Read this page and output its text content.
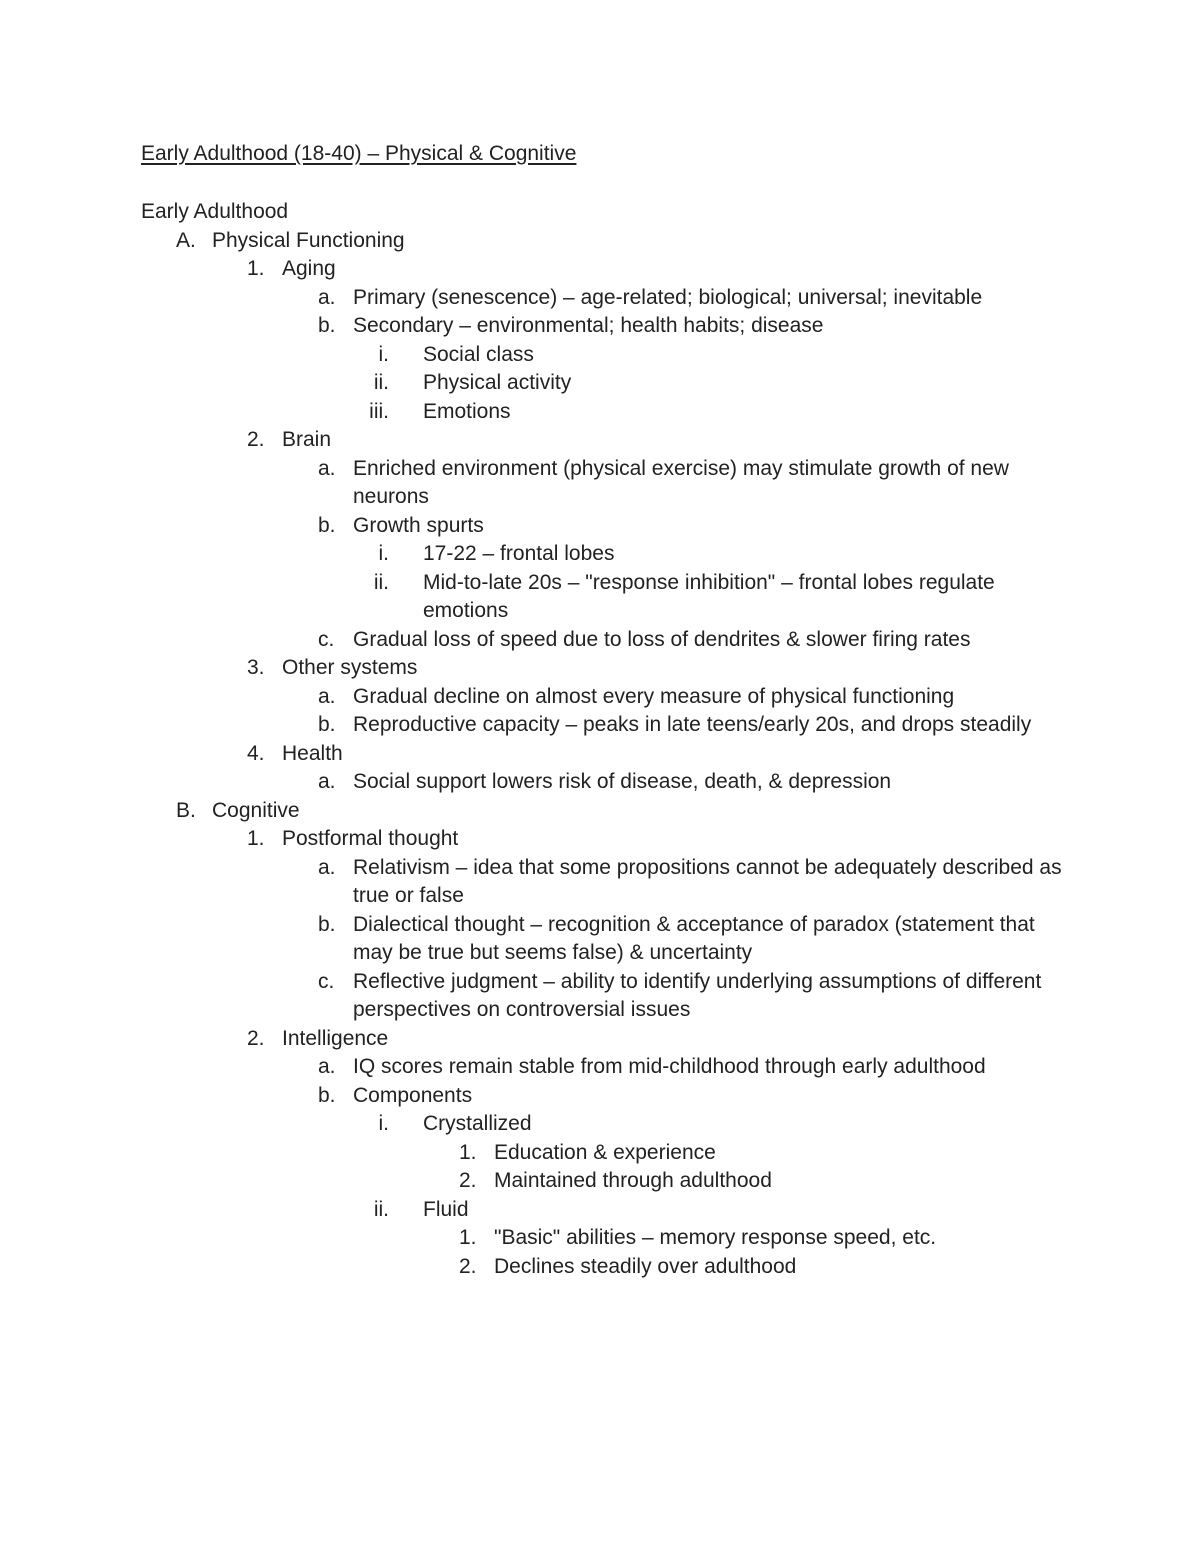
Early Adulthood (18-40) – Physical & Cognitive
Early Adulthood
A. Physical Functioning
1. Aging
a. Primary (senescence) – age-related; biological; universal; inevitable
b. Secondary – environmental; health habits; disease
i. Social class
ii. Physical activity
iii. Emotions
2. Brain
a. Enriched environment (physical exercise) may stimulate growth of new neurons
b. Growth spurts
i. 17-22 – frontal lobes
ii. Mid-to-late 20s – "response inhibition" – frontal lobes regulate emotions
c. Gradual loss of speed due to loss of dendrites & slower firing rates
3. Other systems
a. Gradual decline on almost every measure of physical functioning
b. Reproductive capacity – peaks in late teens/early 20s, and drops steadily
4. Health
a. Social support lowers risk of disease, death, & depression
B. Cognitive
1. Postformal thought
a. Relativism – idea that some propositions cannot be adequately described as true or false
b. Dialectical thought – recognition & acceptance of paradox (statement that may be true but seems false) & uncertainty
c. Reflective judgment – ability to identify underlying assumptions of different perspectives on controversial issues
2. Intelligence
a. IQ scores remain stable from mid-childhood through early adulthood
b. Components
i. Crystallized
1. Education & experience
2. Maintained through adulthood
ii. Fluid
1. "Basic" abilities – memory response speed, etc.
2. Declines steadily over adulthood
